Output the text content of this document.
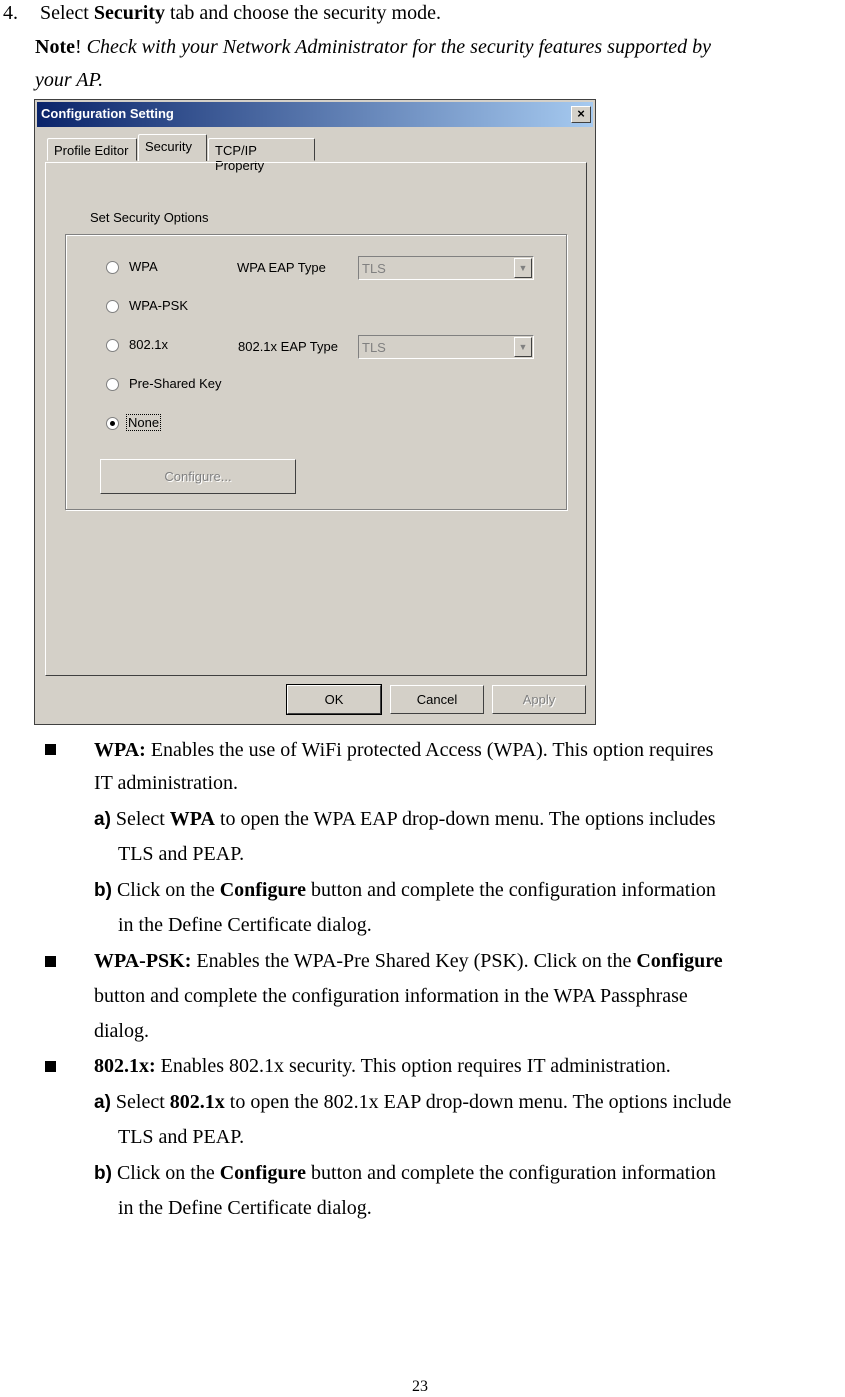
4. Select Security tab and choose the security mode.
Note! Check with your Network Administrator for the security features supported by
your AP.
Configuration Setting	×
Profile Editor	Security	TCP/IP Property
Set Security Options
WPA
WPA-PSK
802.1x
Pre-Shared Key
None
WPA EAP Type	TLS	▼
802.1x EAP Type TLS	▼
Configure...
OK	Cancel	Apply
WPA: Enables the use of WiFi protected Access (WPA). This option requires
IT administration.
a) Select WPA to open the WPA EAP drop-down menu. The options includes
TLS and PEAP.
b) Click on the Configure button and complete the configuration information
in the Define Certificate dialog.
WPA-PSK: Enables the WPA-Pre Shared Key (PSK). Click on the Configure
button and complete the configuration information in the WPA Passphrase
dialog.
802.1x: Enables 802.1x security. This option requires IT administration.
a) Select 802.1x to open the 802.1x EAP drop-down menu. The options include
TLS and PEAP.
b) Click on the Configure button and complete the configuration information
in the Define Certificate dialog.
23
